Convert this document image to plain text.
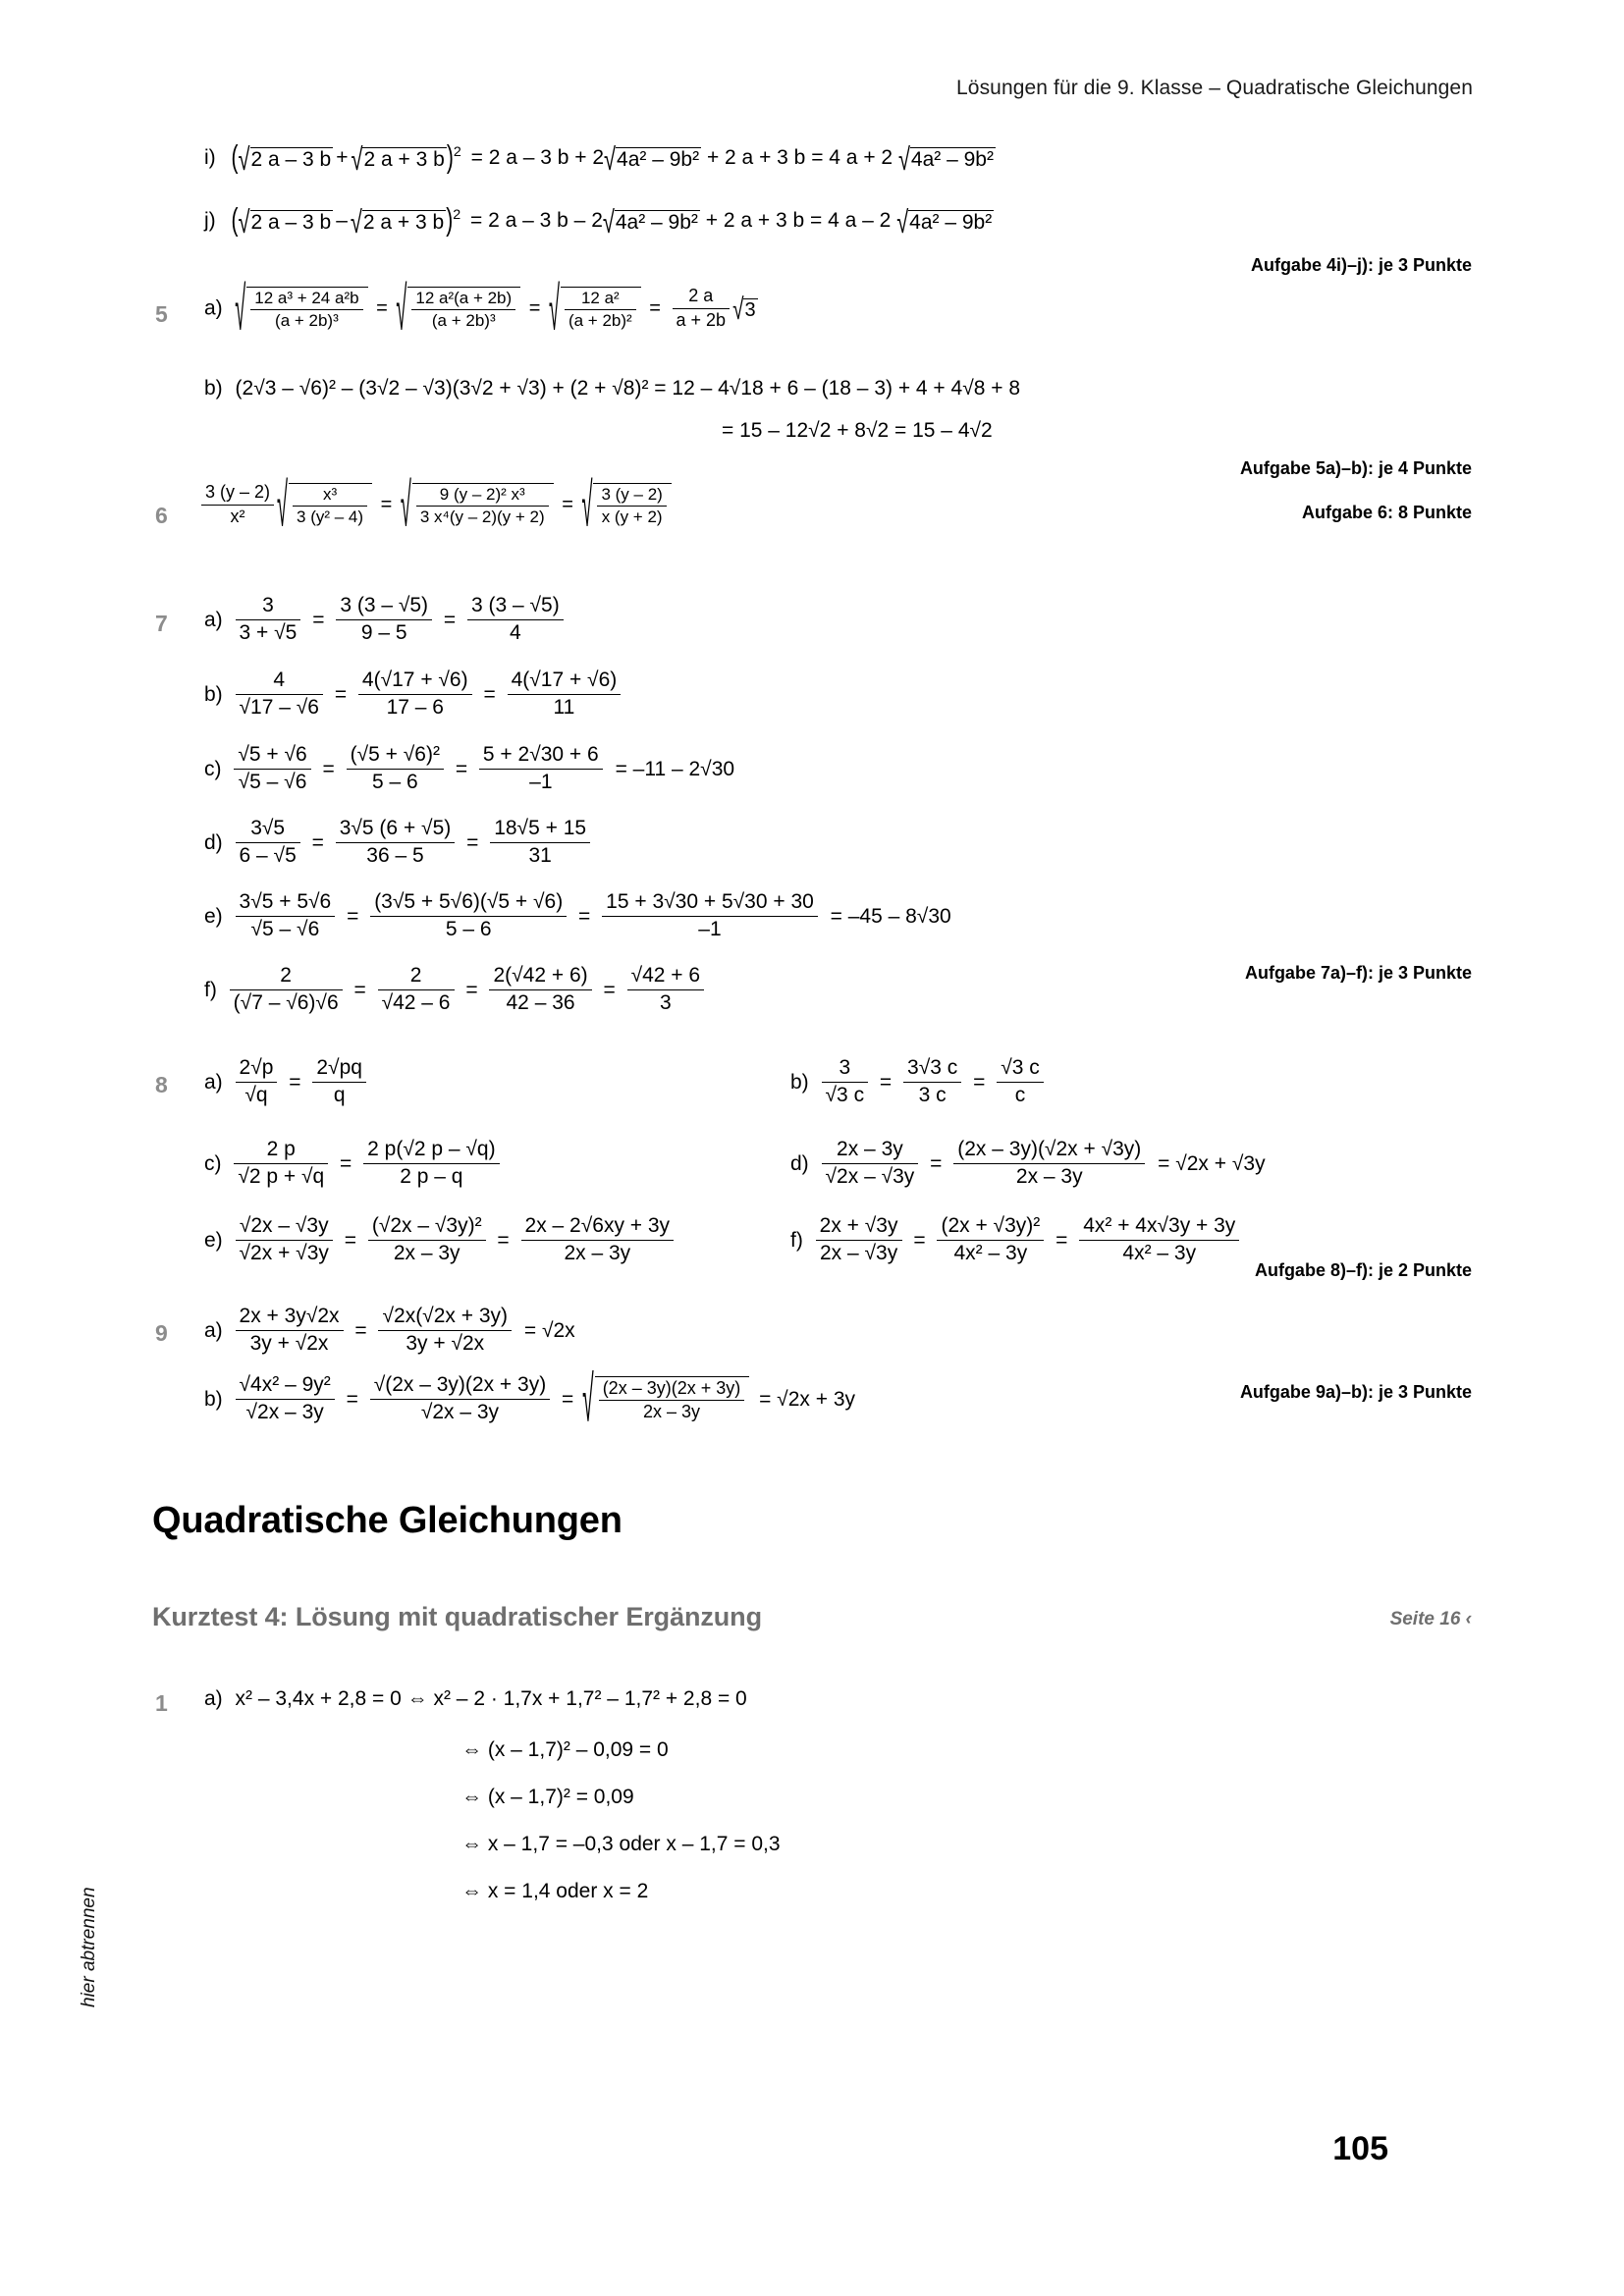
Lösungen für die 9. Klasse – Quadratische Gleichungen
i) (√2 a – 3 b + √2 a + 3 b)$^2$ = 2 a – 3 b + 2√4a² – 9b² + 2 a + 3 b = 4 a + 2 √4a² – 9b²
j) (√2 a – 3 b – √2 a + 3 b)$^2$ = 2 a – 3 b – 2√4a² – 9b² + 2 a + 3 b = 4 a – 2 √4a² – 9b²
Aufgabe 4i)–j): je 3 Punkte
5 a) √ $\frac{\text{12 a³ + 24 a²b}}{\text{(a + 2b)³}}$ = √ $\frac{\text{12 a²(a + 2b)}}{\text{(a + 2b)³}}$ = √ $\frac{\text{12 a²}}{\text{(a + 2b)²}} = \frac{2 a}{a + 2b} √3$
b) (2√3 – √6)² – (3√2 – √3)(3√2 + √3) + (2 + √8)² = 12 – 4√18 + 6 – (18 – 3) + 4 + 4√8 + 8
= 15 – 12√2 + 8√2 = 15 – 4√2
Aufgabe 5a)–b): je 4 Punkte
$6 \frac{3 (y - 2)}{\text{x²}}$ √ $\frac{\text{x³}}{\text{3 (y² – 4)}}$ = √ $\frac{\text{9 (y – 2)² x³}}{\text{3 x⁴(y – 2)(y + 2)}}$ = √ $\frac{3 (y - 2)}{x (y + 2)}$	Aufgabe 6: 8 Punkte
7 $a) \frac{3}{3 + √5} = \frac{3 (3 - √5)}{9 - 5} = \frac{3 (3 - √5)}{4}$
$b) \frac{4}{√17 - √6} = \frac{4(√17 + √6)}{17 - 6} = \frac{4(√17 + √6)}{11}$
$c) \frac{√5 + √6}{√5 - √6} = \frac{\text{(√5 + √6)²}}{5 - 6} = \frac{5 + 2√30 + 6}{-1} = -11 - 2√30$
$d) \frac{3√5}{6 - √5} = \frac{3√5 (6 + √5)}{36 - 5} = \frac{18√5 + 15}{31}$
$e) \frac{3√5 + 5√6}{√5 - √6} = \frac{(3√5 + 5√6)(√5 + √6)}{5 - 6} = \frac{15 + 3√30 + 5√30 + 30}{-1} = -45 - 8√30$
$f) \frac{2}{(√7 - √6)√6} = \frac{2}{√42 - 6} = \frac{2(√42 + 6)}{42 - 36} = \frac{√42 + 6}{3}$	Aufgabe 7a)–f): je 3 Punkte
8 $a) \frac{2√p}{√q} = \frac{2√pq}{q}$
$c) \frac{2 p}{√2 p + √q} = \frac{2 p(√2 p - √q)}{2 p - q}$
$e) \frac{√2x - √3y}{√2x + √3y} = \frac{\text{(√2x – √3y)²}}{2x - 3y} = \frac{2x - 2√6xy + 3y}{2x - 3y}$
$b) \frac{3}{√3 c} = \frac{3√3 c}{3 c} = \frac{√3 c}{c}$
$d) \frac{2x - 3y}{√2x - √3y} = \frac{(2x - 3y)(√2x + √3y)}{2x - 3y} = √2x + √3y$
$f) \frac{2x + √3y}{2x - √3y} = \frac{\text{(2x + √3y)²}}{\text{4x² – 3y}} = \frac{\text{4x² + 4x√3y + 3y}}{\text{4x² – 3y}}$
Aufgabe 8)–f): je 2 Punkte
9 $a) \frac{2x + 3y√2x}{3y + √2x} = \frac{√2x(√2x + 3y)}{3y + √2x} = √2x$
$b) \frac{\text{√4x² – 9y²}}{√2x - 3y} = \frac{√(2x - 3y)(2x + 3y)}{√2x - 3y}$ = √ $\frac{(2x - 3y)(2x + 3y)}{2x - 3y} = √2x + 3y$	Aufgabe 9a)–b): je 3 Punkte
Quadratische Gleichungen
Kurztest 4: Lösung mit quadratischer Ergänzung	Seite 16 ‹
1 a) x² – 3,4x + 2,8 = 0 ⇔ x² – 2 · 1,7x + 1,7² – 1,7² + 2,8 = 0
⇔ (x – 1,7)² – 0,09 = 0
⇔ (x – 1,7)² = 0,09
⇔ x – 1,7 = –0,3 oder x – 1,7 = 0,3
⇔ x = 1,4 oder x = 2
hier abtrennen
105
